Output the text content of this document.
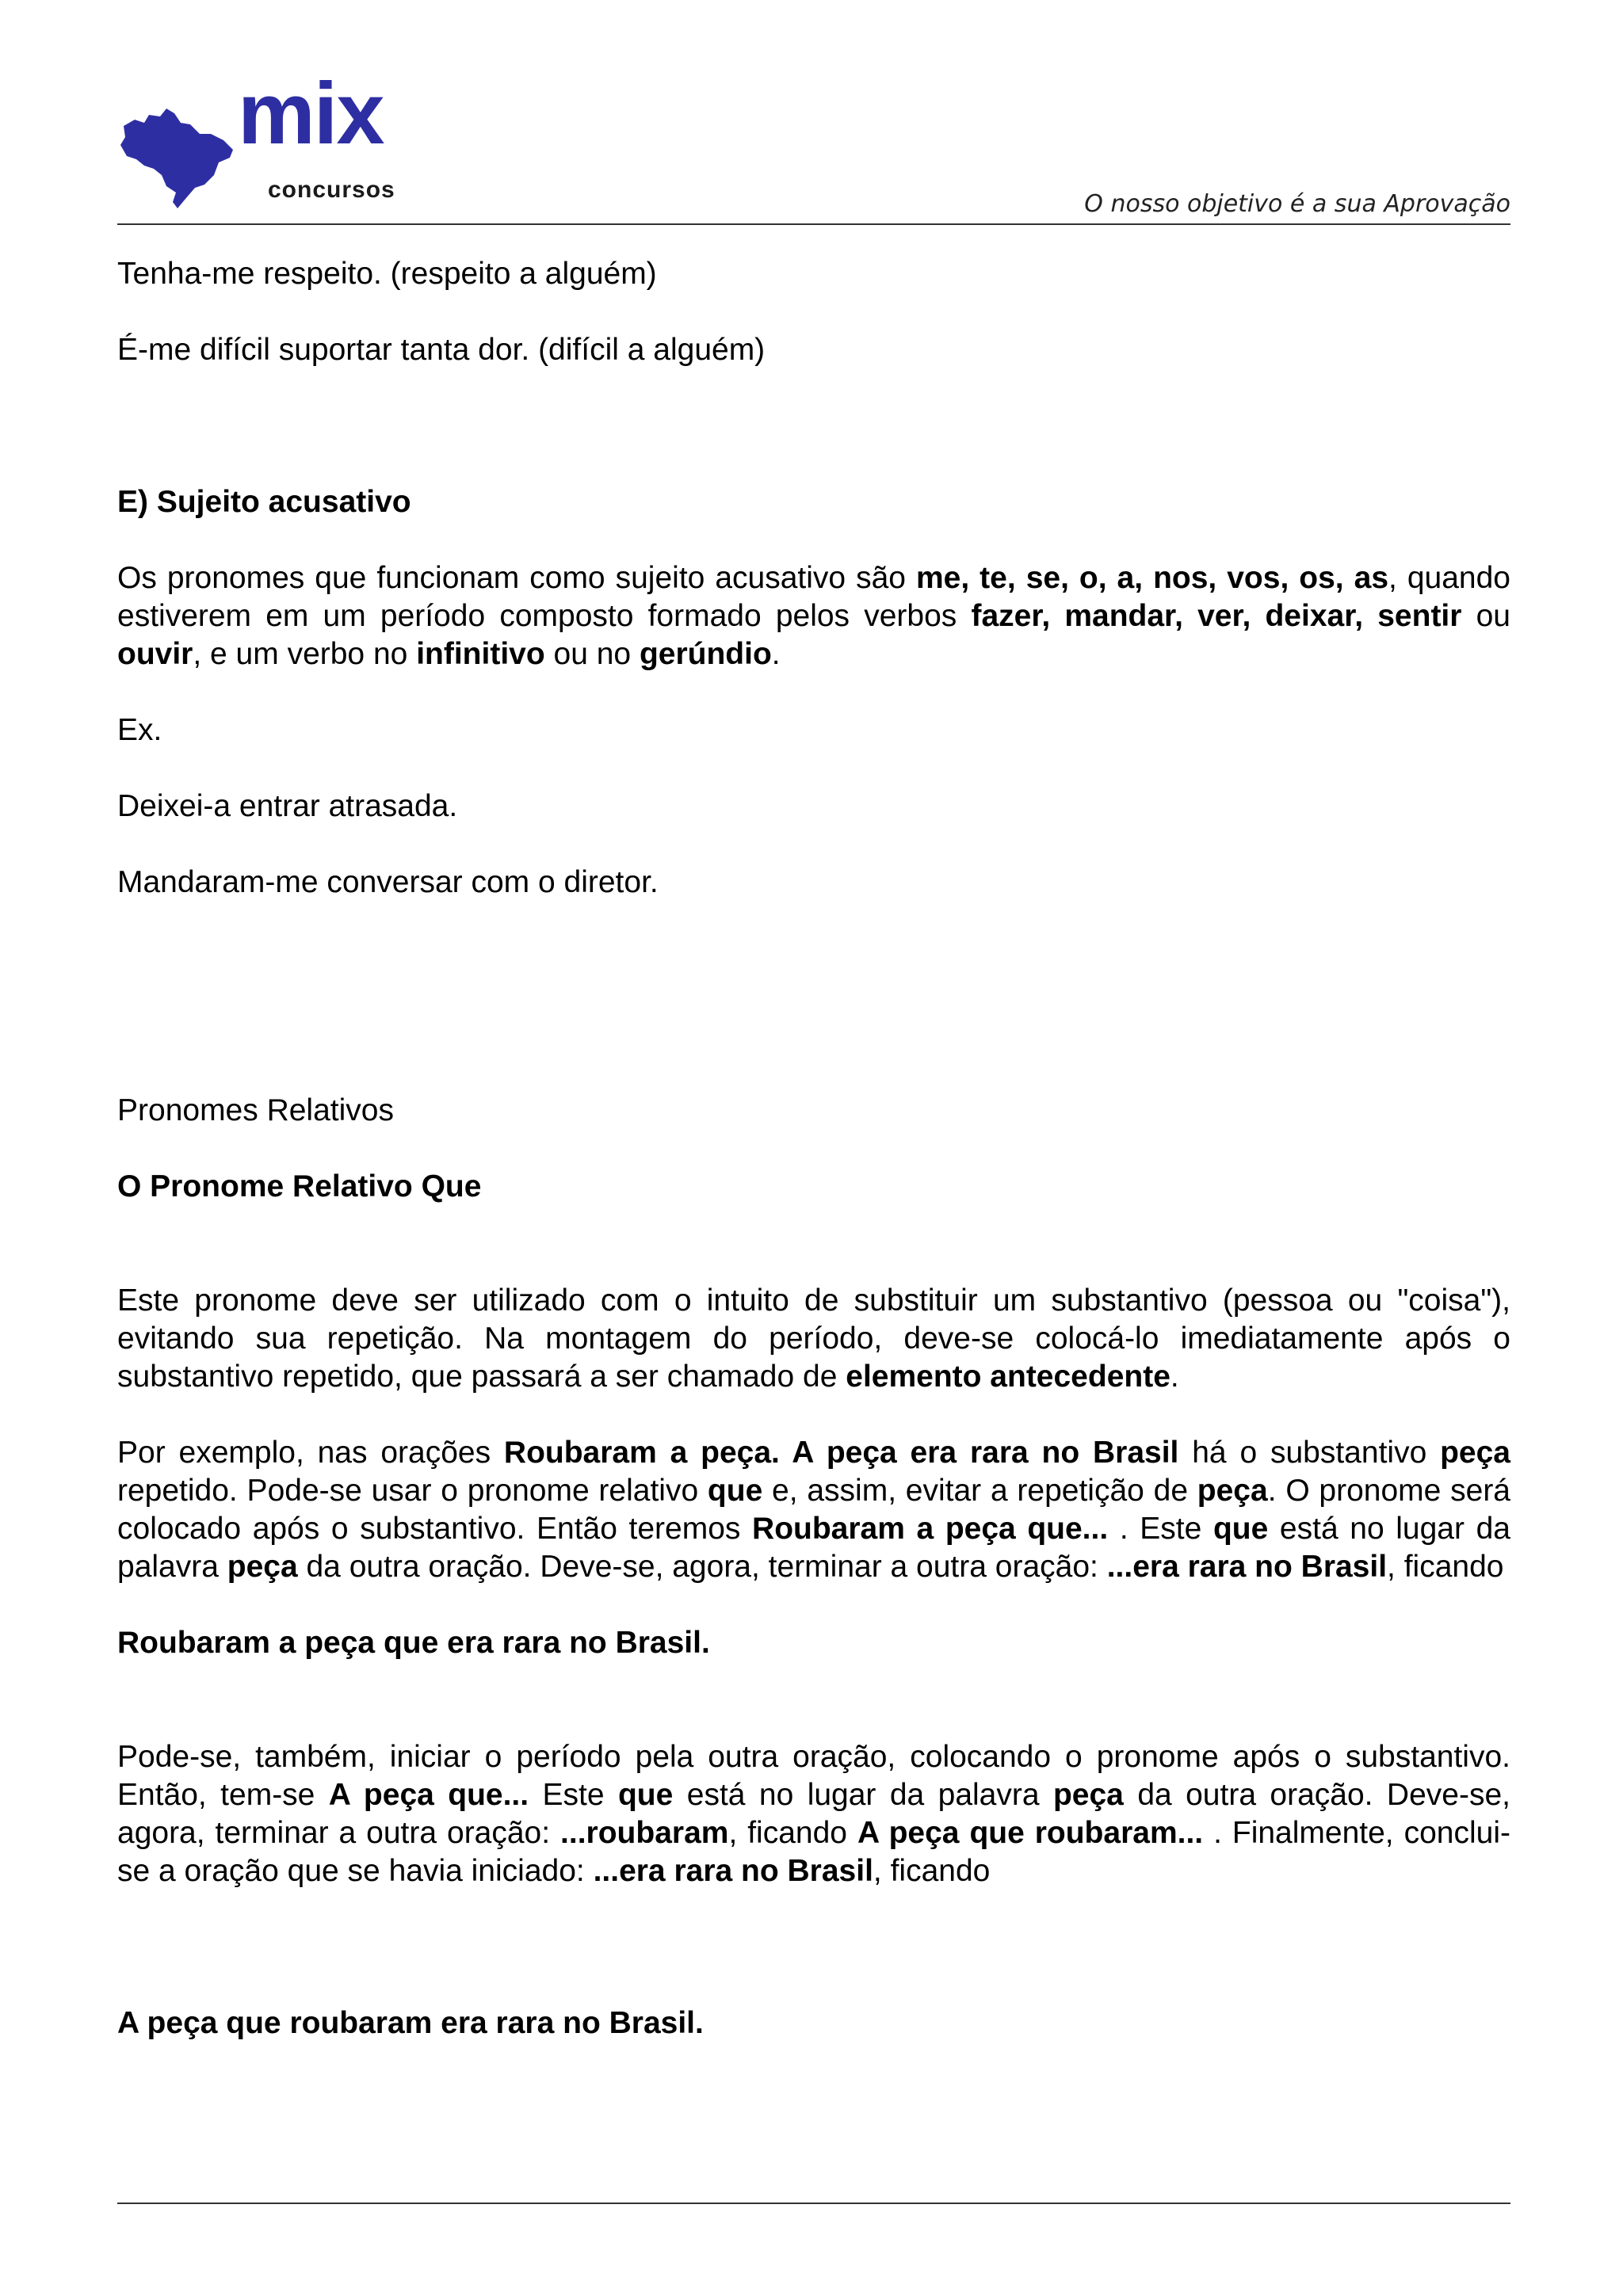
mix
concursos
O nosso objetivo é a sua Aprovação

Tenha-me respeito. (respeito a alguém)

É-me difícil suportar tanta dor. (difícil a alguém)

E) Sujeito acusativo

Os pronomes que funcionam como sujeito acusativo são me, te, se, o, a, nos, vos, os, as, quando estiverem em um período composto formado pelos verbos fazer, mandar, ver, deixar, sentir ou ouvir, e um verbo no infinitivo ou no gerúndio.

Ex.

Deixei-a entrar atrasada.

Mandaram-me conversar com o diretor.

Pronomes Relativos

O Pronome Relativo Que

Este pronome deve ser utilizado com o intuito de substituir um substantivo (pessoa ou "coisa"), evitando sua repetição. Na montagem do período, deve-se colocá-lo imediatamente após o substantivo repetido, que passará a ser chamado de elemento antecedente.

Por exemplo, nas orações Roubaram a peça. A peça era rara no Brasil há o substantivo peça repetido. Pode-se usar o pronome relativo que e, assim, evitar a repetição de peça. O pronome será colocado após o substantivo. Então teremos Roubaram a peça que... . Este que está no lugar da palavra peça da outra oração. Deve-se, agora, terminar a outra oração: ...era rara no Brasil, ficando

Roubaram a peça que era rara no Brasil.

Pode-se, também, iniciar o período pela outra oração, colocando o pronome após o substantivo. Então, tem-se A peça que... Este que está no lugar da palavra peça da outra oração. Deve-se, agora, terminar a outra oração: ...roubaram, ficando A peça que roubaram... . Finalmente, conclui-se a oração que se havia iniciado: ...era rara no Brasil, ficando

A peça que roubaram era rara no Brasil.
